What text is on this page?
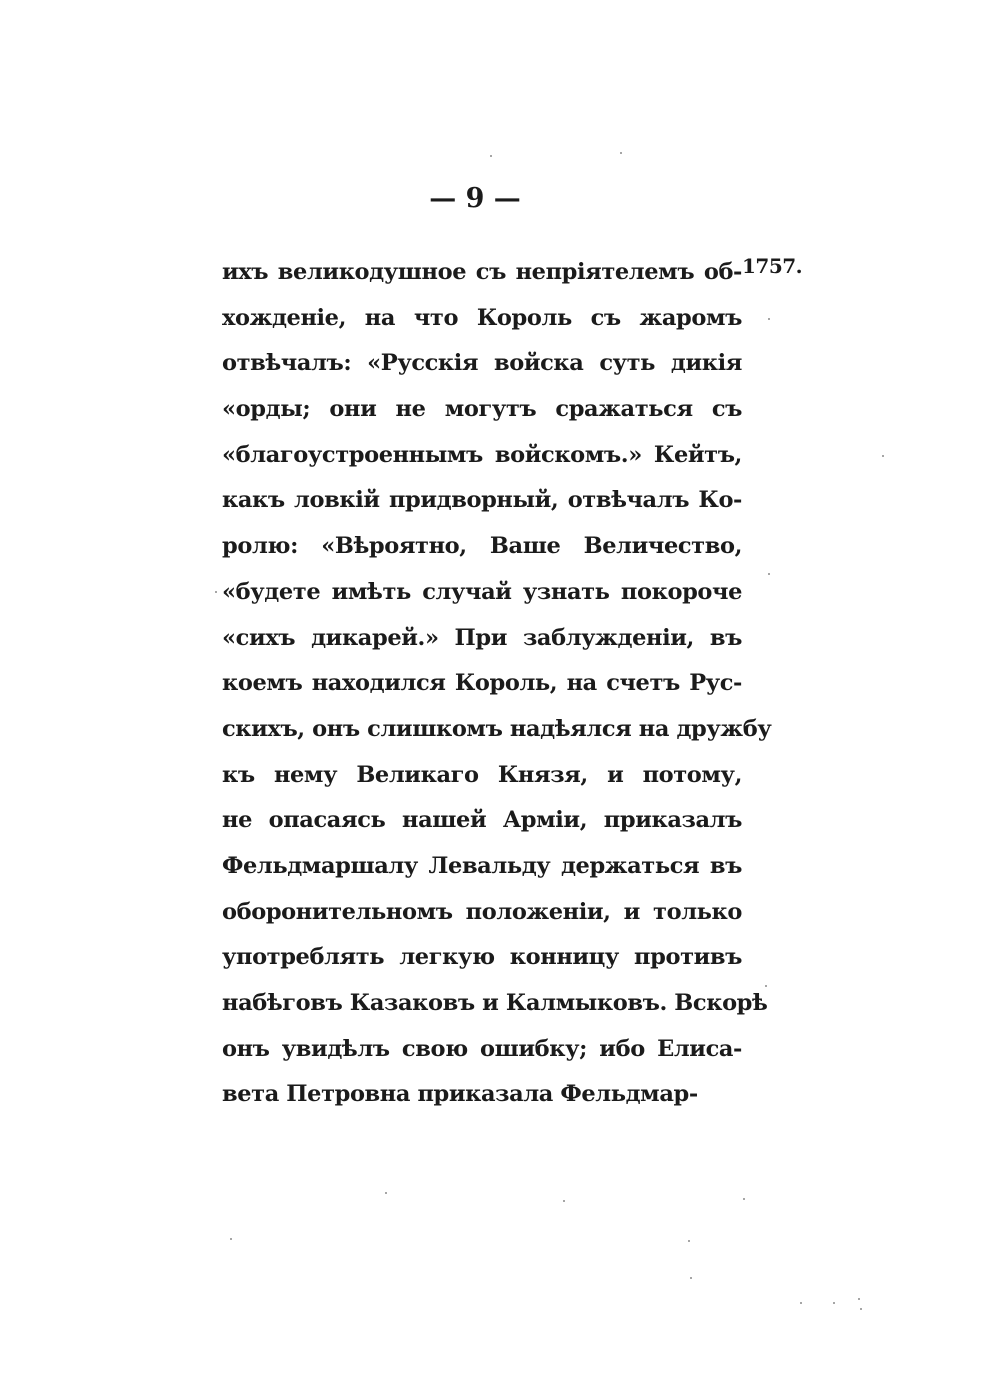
— 9 —
1757.
ихъ великодушное съ непріятелемъ об-
хожденіе, на что Король съ жаромъ
отвѣчалъ: «Русскія войска суть дикія
«орды; они не могутъ сражаться съ
«благоустроеннымъ войскомъ.» Кейтъ,
какъ ловкій придворный, отвѣчалъ Ко-
ролю: «Вѣроятно, Ваше Величество,
«будете имѣть случай узнать покороче
«сихъ дикарей.» При заблужденіи, въ
коемъ находился Король, на счетъ Рус-
скихъ, онъ слишкомъ надѣялся на дружбу
къ нему Великаго Князя, и потому,
не опасаясь нашей Арміи, приказалъ
Фельдмаршалу Левальду держаться въ
оборонительномъ положеніи, и только
употреблять легкую конницу противъ
набѣговъ Казаковъ и Калмыковъ. Вскорѣ
онъ увидѣлъ свою ошибку; ибо Елиса-
вета Петровна приказала Фельдмар-
